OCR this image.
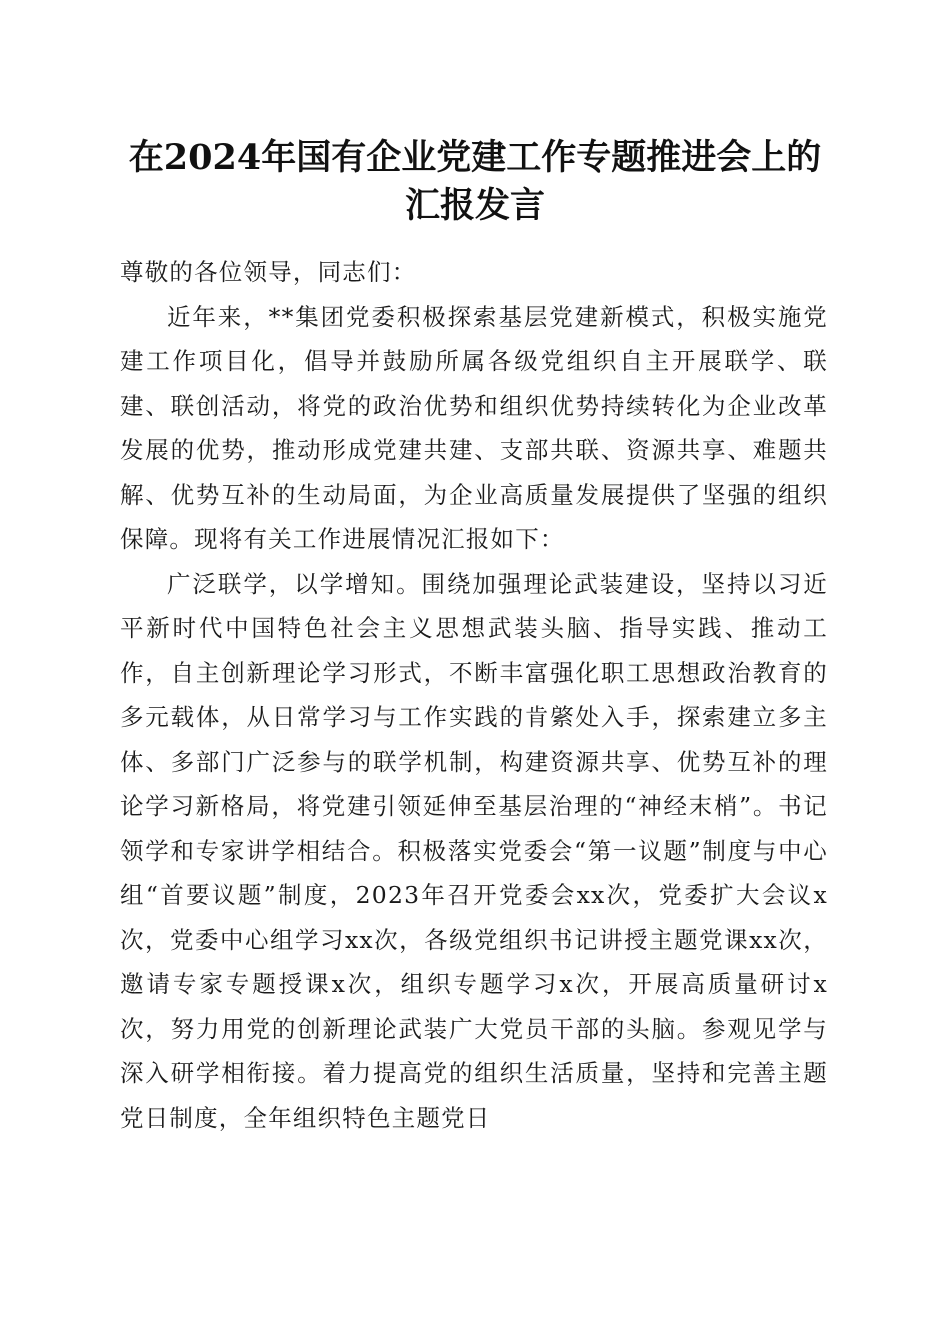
在2024年国有企业党建工作专题推进会上的
汇报发言

尊敬的各位领导，同志们：

近年来，**集团党委积极探索基层党建新模式，积极实施党建工作项目化，倡导并鼓励所属各级党组织自主开展联学、联建、联创活动，将党的政治优势和组织优势持续转化为企业改革发展的优势，推动形成党建共建、支部共联、资源共享、难题共解、优势互补的生动局面，为企业高质量发展提供了坚强的组织保障。现将有关工作进展情况汇报如下：

广泛联学，以学增知。围绕加强理论武装建设，坚持以习近平新时代中国特色社会主义思想武装头脑、指导实践、推动工作，自主创新理论学习形式，不断丰富强化职工思想政治教育的多元载体，从日常学习与工作实践的肯綮处入手，探索建立多主体、多部门广泛参与的联学机制，构建资源共享、优势互补的理论学习新格局，将党建引领延伸至基层治理的“神经末梢”。书记领学和专家讲学相结合。积极落实党委会“第一议题”制度与中心组“首要议题”制度，2023年召开党委会xx次，党委扩大会议x次，党委中心组学习xx次，各级党组织书记讲授主题党课xx次，邀请专家专题授课x次，组织专题学习x次，开展高质量研讨x次，努力用党的创新理论武装广大党员干部的头脑。参观见学与深入研学相衔接。着力提高党的组织生活质量，坚持和完善主题党日制度，全年组织特色主题党日
